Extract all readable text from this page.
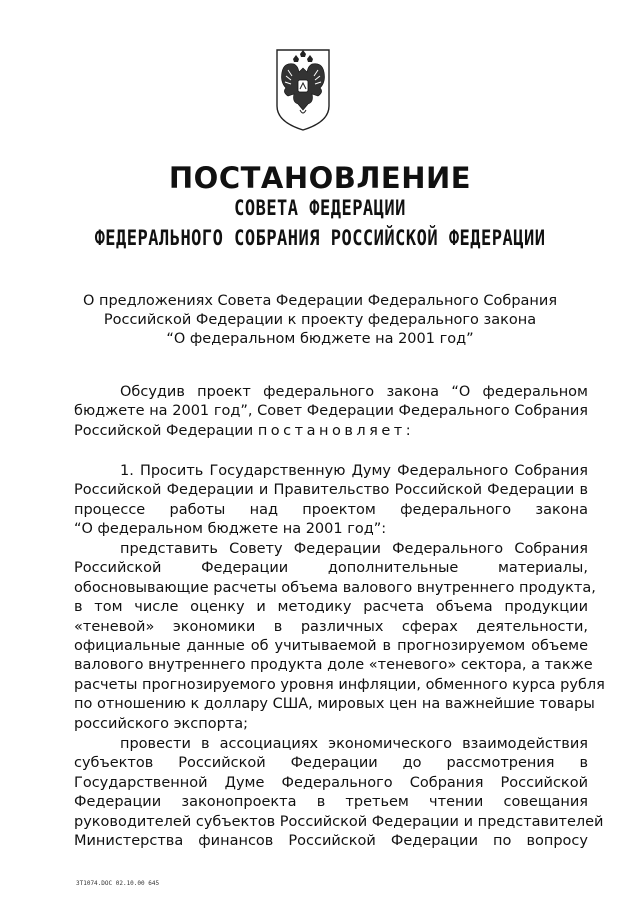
ПОСТАНОВЛЕНИЕ
СОВЕТА ФЕДЕРАЦИИ
ФЕДЕРАЛЬНОГО СОБРАНИЯ РОССИЙСКОЙ ФЕДЕРАЦИИ
О предложениях Совета Федерации Федерального Собрания
Российской Федерации к проекту федерального закона
“О федеральном бюджете на 2001 год”
Обсудив проект федерального закона “О федеральном
бюджете на 2001 год”, Совет Федерации Федерального Собрания
Российской Федерации постановляет:
1. Просить Государственную Думу Федерального Собрания
Российской Федерации и Правительство Российской Федерации в
процессе работы над проектом федерального закона
“О федеральном бюджете на 2001 год”:
представить Совету Федерации Федерального Собрания
Российской Федерации дополнительные материалы,
обосновывающие расчеты объема валового внутреннего продукта,
в том числе оценку и методику расчета объема продукции
«теневой» экономики в различных сферах деятельности,
официальные данные об учитываемой в прогнозируемом объеме
валового внутреннего продукта доле «теневого» сектора, а также
расчеты прогнозируемого уровня инфляции, обменного курса рубля
по отношению к доллару США, мировых цен на важнейшие товары
российского экспорта;
провести в ассоциациях экономического взаимодействия
субъектов Российской Федерации до рассмотрения в
Государственной Думе Федерального Собрания Российской
Федерации законопроекта в третьем чтении совещания
руководителей субъектов Российской Федерации и представителей
Министерства финансов Российской Федерации по вопросу
ЗТ1074.DOC 02.10.00 645
